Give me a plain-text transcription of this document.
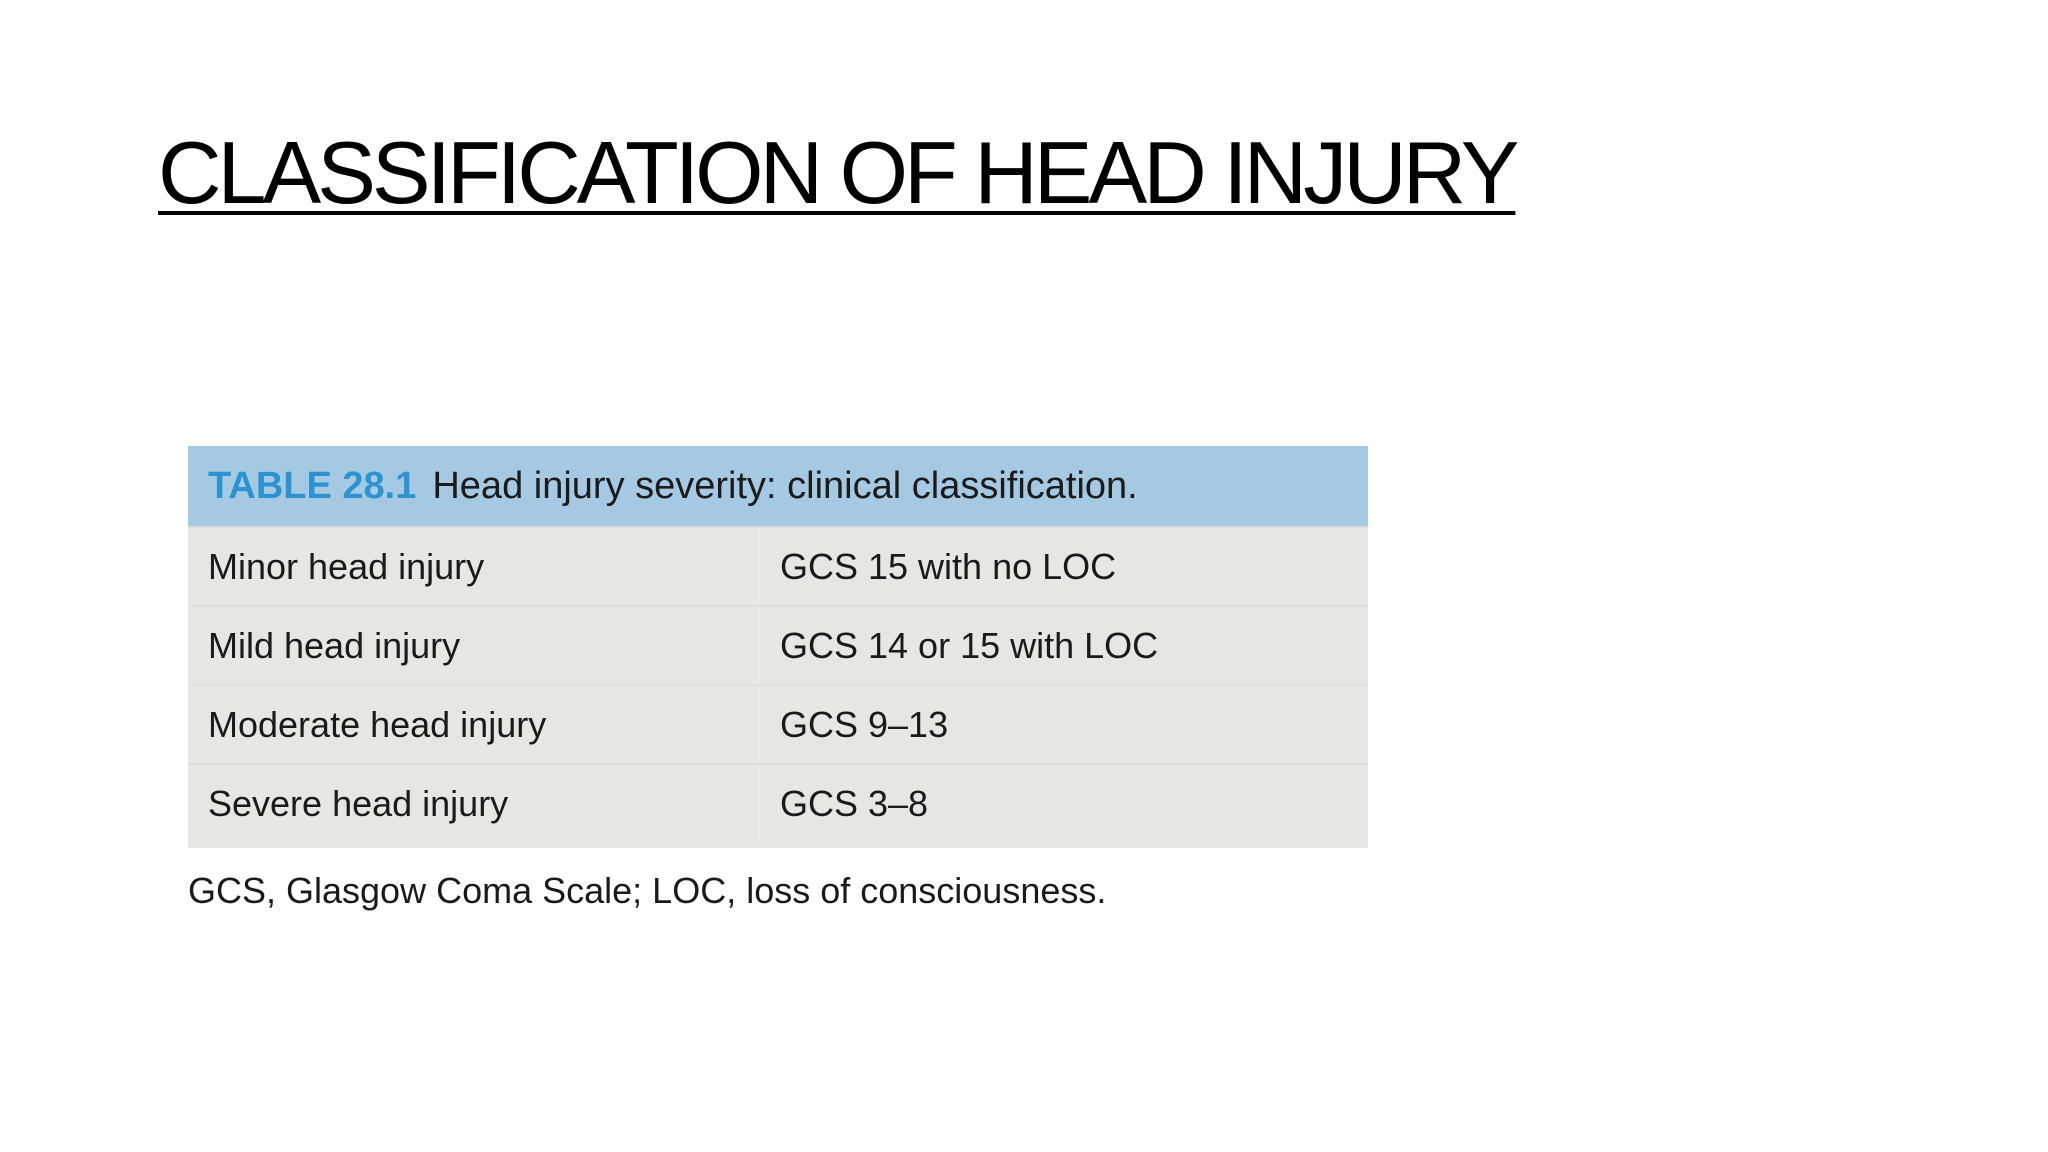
CLASSIFICATION OF HEAD INJURY
TABLE 28.1 Head injury severity: clinical classification.
Minor head injury	GCS 15 with no LOC
Mild head injury	GCS 14 or 15 with LOC
Moderate head injury	GCS 9–13
Severe head injury	GCS 3–8
GCS, Glasgow Coma Scale; LOC, loss of consciousness.
